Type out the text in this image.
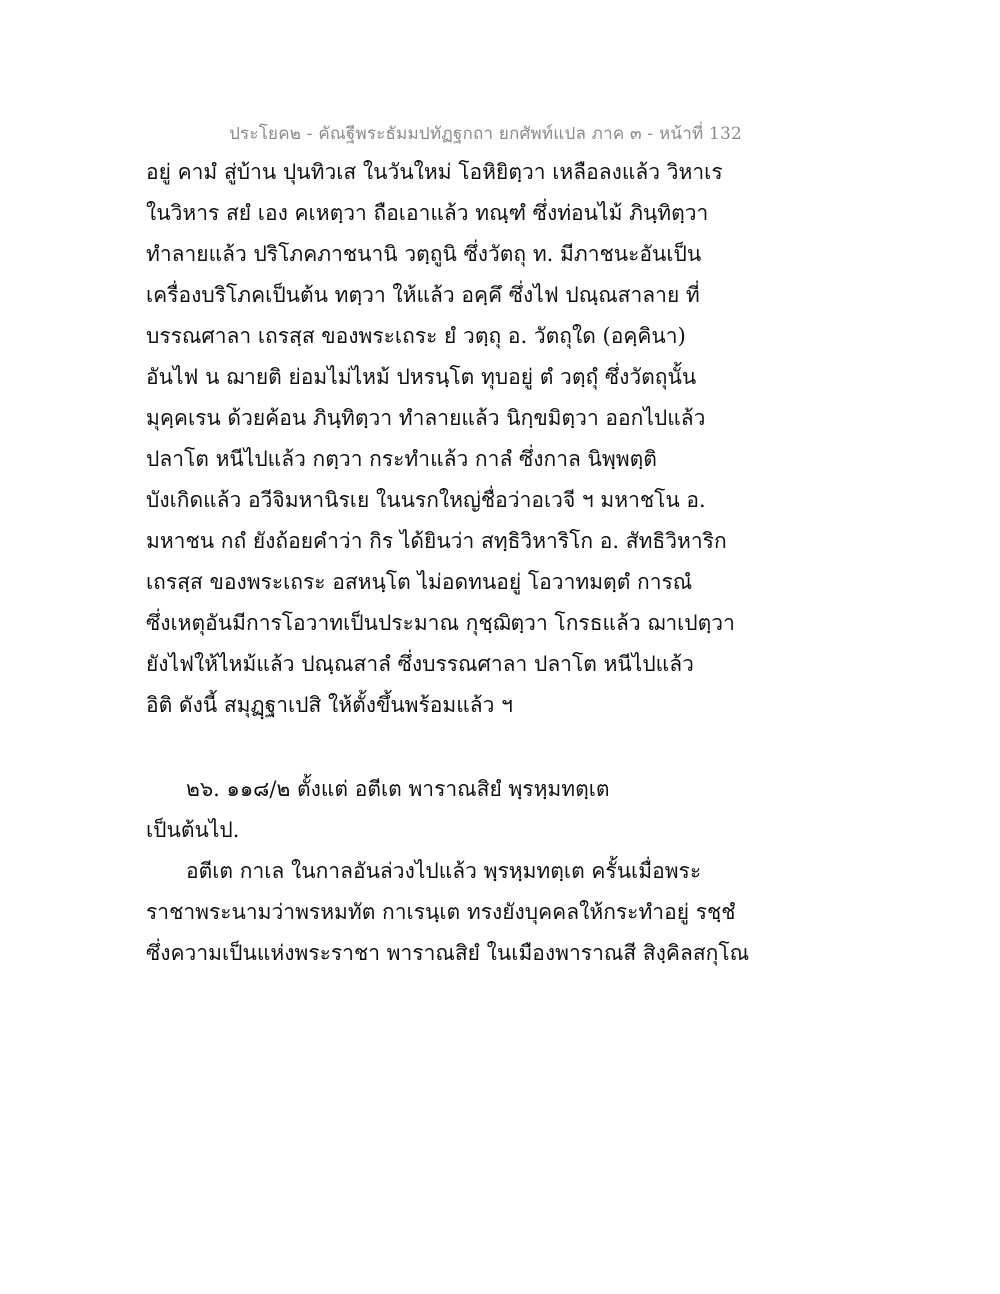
ประโยค๒ - คัณฐีพระธัมมปทัฏฐกถา ยกศัพท์แปล ภาค ๓ - หน้าที่ 132
อยู่ คามํ สู่บ้าน ปุนทิวเส ในวันใหม่ โอหิยิตฺวา เหลือลงแล้ว วิหาเร
ในวิหาร สยํ เอง คเหตฺวา ถือเอาแล้ว ทณฺฑํ ซึ่งท่อนไม้ ภินฺทิตฺวา
ทำลายแล้ว ปริโภคภาชนานิ วตฺถูนิ ซึ่งวัตถุ ท. มีภาชนะอันเป็น
เครื่องบริโภคเป็นต้น ทตฺวา ให้แล้ว อคฺคึ ซึ่งไฟ ปณฺณสาลาย ที่
บรรณศาลา เถรสฺส ของพระเถระ ยํ วตฺถุ อ. วัตถุใด (อคฺคินา)
อันไฟ น ฌายติ ย่อมไม่ไหม้ ปหรนฺโต ทุบอยู่ ตํ วตฺถุํ ซึ่งวัตถุนั้น
มุคฺคเรน ด้วยค้อน ภินฺทิตฺวา ทำลายแล้ว นิกฺขมิตฺวา ออกไปแล้ว
ปลาโต หนีไปแล้ว กตฺวา กระทำแล้ว กาลํ ซึ่งกาล นิพฺพตฺติ
บังเกิดแล้ว อวีจิมหานิรเย ในนรกใหญ่ชื่อว่าอเวจี ฯ มหาชโน อ.
มหาชน กถํ ยังถ้อยคำว่า กิร ได้ยินว่า สทฺธิวิหาริโก อ. สัทธิวิหาริก
เถรสฺส ของพระเถระ อสหนฺโต ไม่อดทนอยู่ โอวาทมตฺตํ การณํ
ซึ่งเหตุอันมีการโอวาทเป็นประมาณ กุชฺฌิตฺวา โกรธแล้ว ฌาเปตฺวา
ยังไฟให้ไหม้แล้ว ปณฺณสาลํ ซึ่งบรรณศาลา ปลาโต หนีไปแล้ว
อิติ ดังนี้ สมุฏฺฐาเปสิ ให้ตั้งขึ้นพร้อมแล้ว ฯ
๒๖. ๑๑๘/๒ ตั้งแต่ อตีเต พาราณสิยํ พฺรหฺมทตฺเต
เป็นต้นไป.
อตีเต กาเล ในกาลอันล่วงไปแล้ว พฺรหฺมทตฺเต ครั้นเมื่อพระ
ราชาพระนามว่าพรหมทัต กาเรนฺเต ทรงยังบุคคลให้กระทำอยู่ รชฺชํ
ซึ่งความเป็นแห่งพระราชา พาราณสิยํ ในเมืองพาราณสี สิงฺคิลสกุโณ
